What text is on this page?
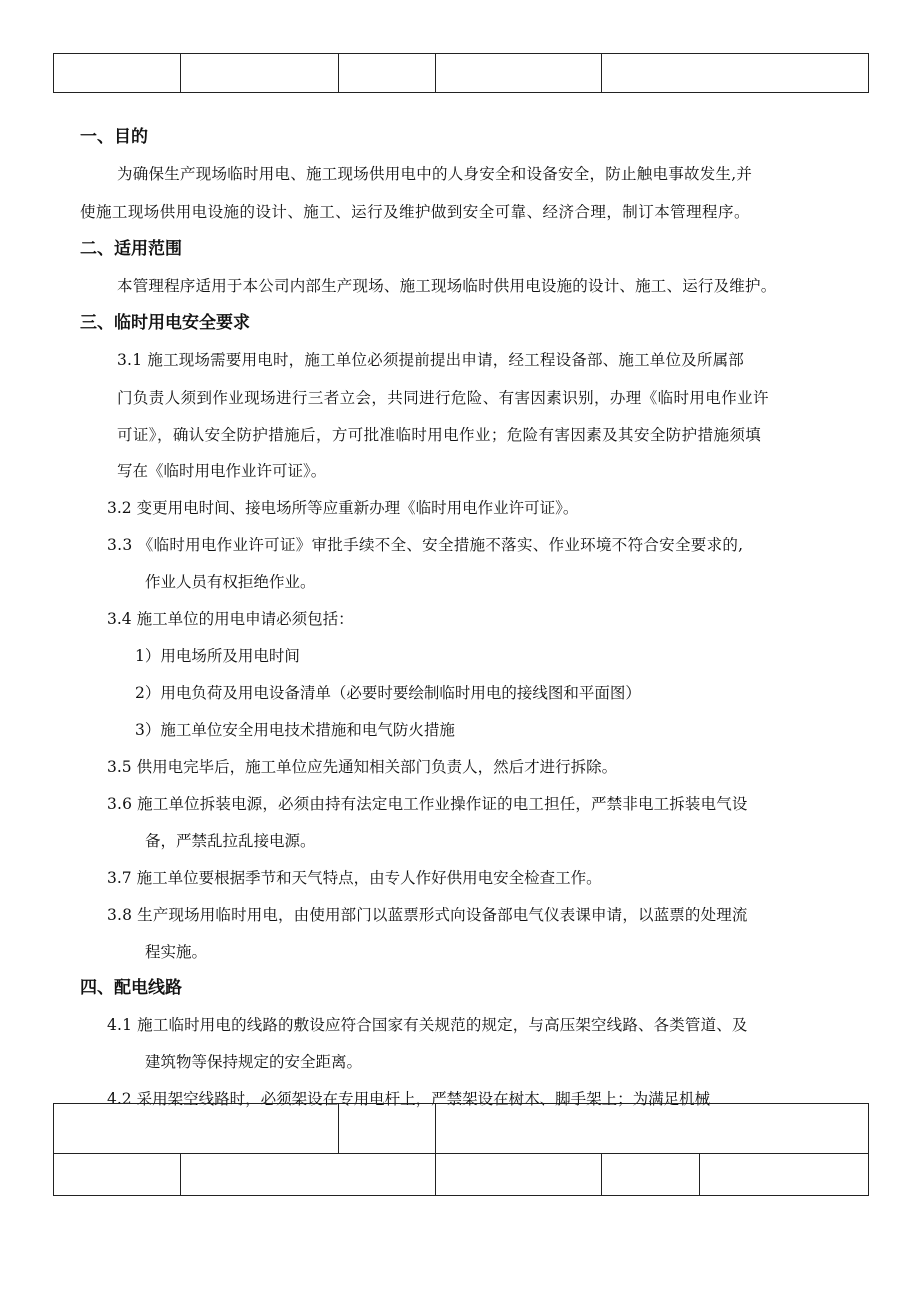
一、目的
为确保生产现场临时用电、施工现场供用电中的人身安全和设备安全，防止触电事故发生,并
使施工现场供用电设施的设计、施工、运行及维护做到安全可靠、经济合理，制订本管理程序。
二、适用范围
本管理程序适用于本公司内部生产现场、施工现场临时供用电设施的设计、施工、运行及维护。
三、临时用电安全要求
3.1 施工现场需要用电时，施工单位必须提前提出申请，经工程设备部、施工单位及所属部
门负责人须到作业现场进行三者立会，共同进行危险、有害因素识别，办理《临时用电作业许
可证》，确认安全防护措施后，方可批准临时用电作业；危险有害因素及其安全防护措施须填
写在《临时用电作业许可证》。
3.2 变更用电时间、接电场所等应重新办理《临时用电作业许可证》。
3.3 《临时用电作业许可证》审批手续不全、安全措施不落实、作业环境不符合安全要求的,
作业人员有权拒绝作业。
3.4 施工单位的用电申请必须包括：
1）用电场所及用电时间
2）用电负荷及用电设备清单（必要时要绘制临时用电的接线图和平面图）
3）施工单位安全用电技术措施和电气防火措施
3.5 供用电完毕后，施工单位应先通知相关部门负责人，然后才进行拆除。
3.6 施工单位拆装电源，必须由持有法定电工作业操作证的电工担任，严禁非电工拆装电气设
备，严禁乱拉乱接电源。
3.7 施工单位要根据季节和天气特点，由专人作好供用电安全检查工作。
3.8 生产现场用临时用电，由使用部门以蓝票形式向设备部电气仪表课申请，以蓝票的处理流
程实施。
四、配电线路
4.1 施工临时用电的线路的敷设应符合国家有关规范的规定，与高压架空线路、各类管道、及
建筑物等保持规定的安全距离。
4.2 采用架空线路时，必须架设在专用电杆上，严禁架设在树木、脚手架上；为满足机械
